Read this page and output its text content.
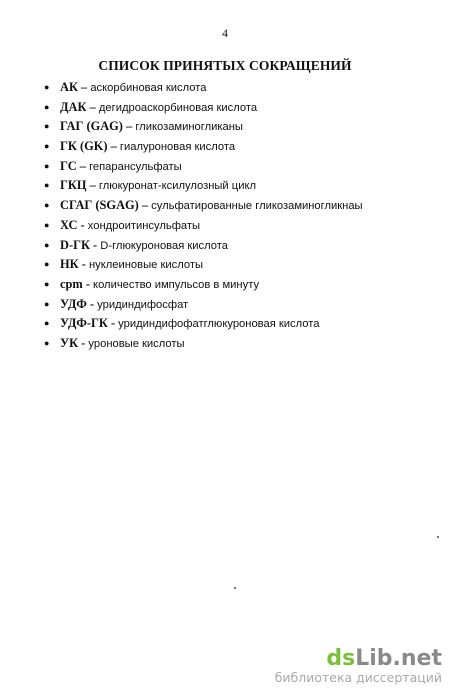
4
СПИСОК ПРИНЯТЫХ СОКРАЩЕНИЙ
● АК – аскорбиновая кислота
● ДАК – дегидроаскорбиновая кислота
● ГАГ (GAG) – гликозаминогликаны
● ГК (GK) – гиалуроновая кислота
● ГС – гепарансульфаты
● ГКЦ – глюкуронат-ксилулозный цикл
● СГАГ (SGAG) – сульфатированные гликозаминогликнаы
● ХС - хондроитинсульфаты
● D-ГК - D-глюкуроновая кислота
● НК - нуклеиновые кислоты
● cpm - количество импульсов в минуту
● УДФ - уридиндифосфат
● УДФ-ГК - уридиндифофатглюкуроновая кислота
● УК - уроновые кислоты
dsLib.net
библиотека диссертаций
